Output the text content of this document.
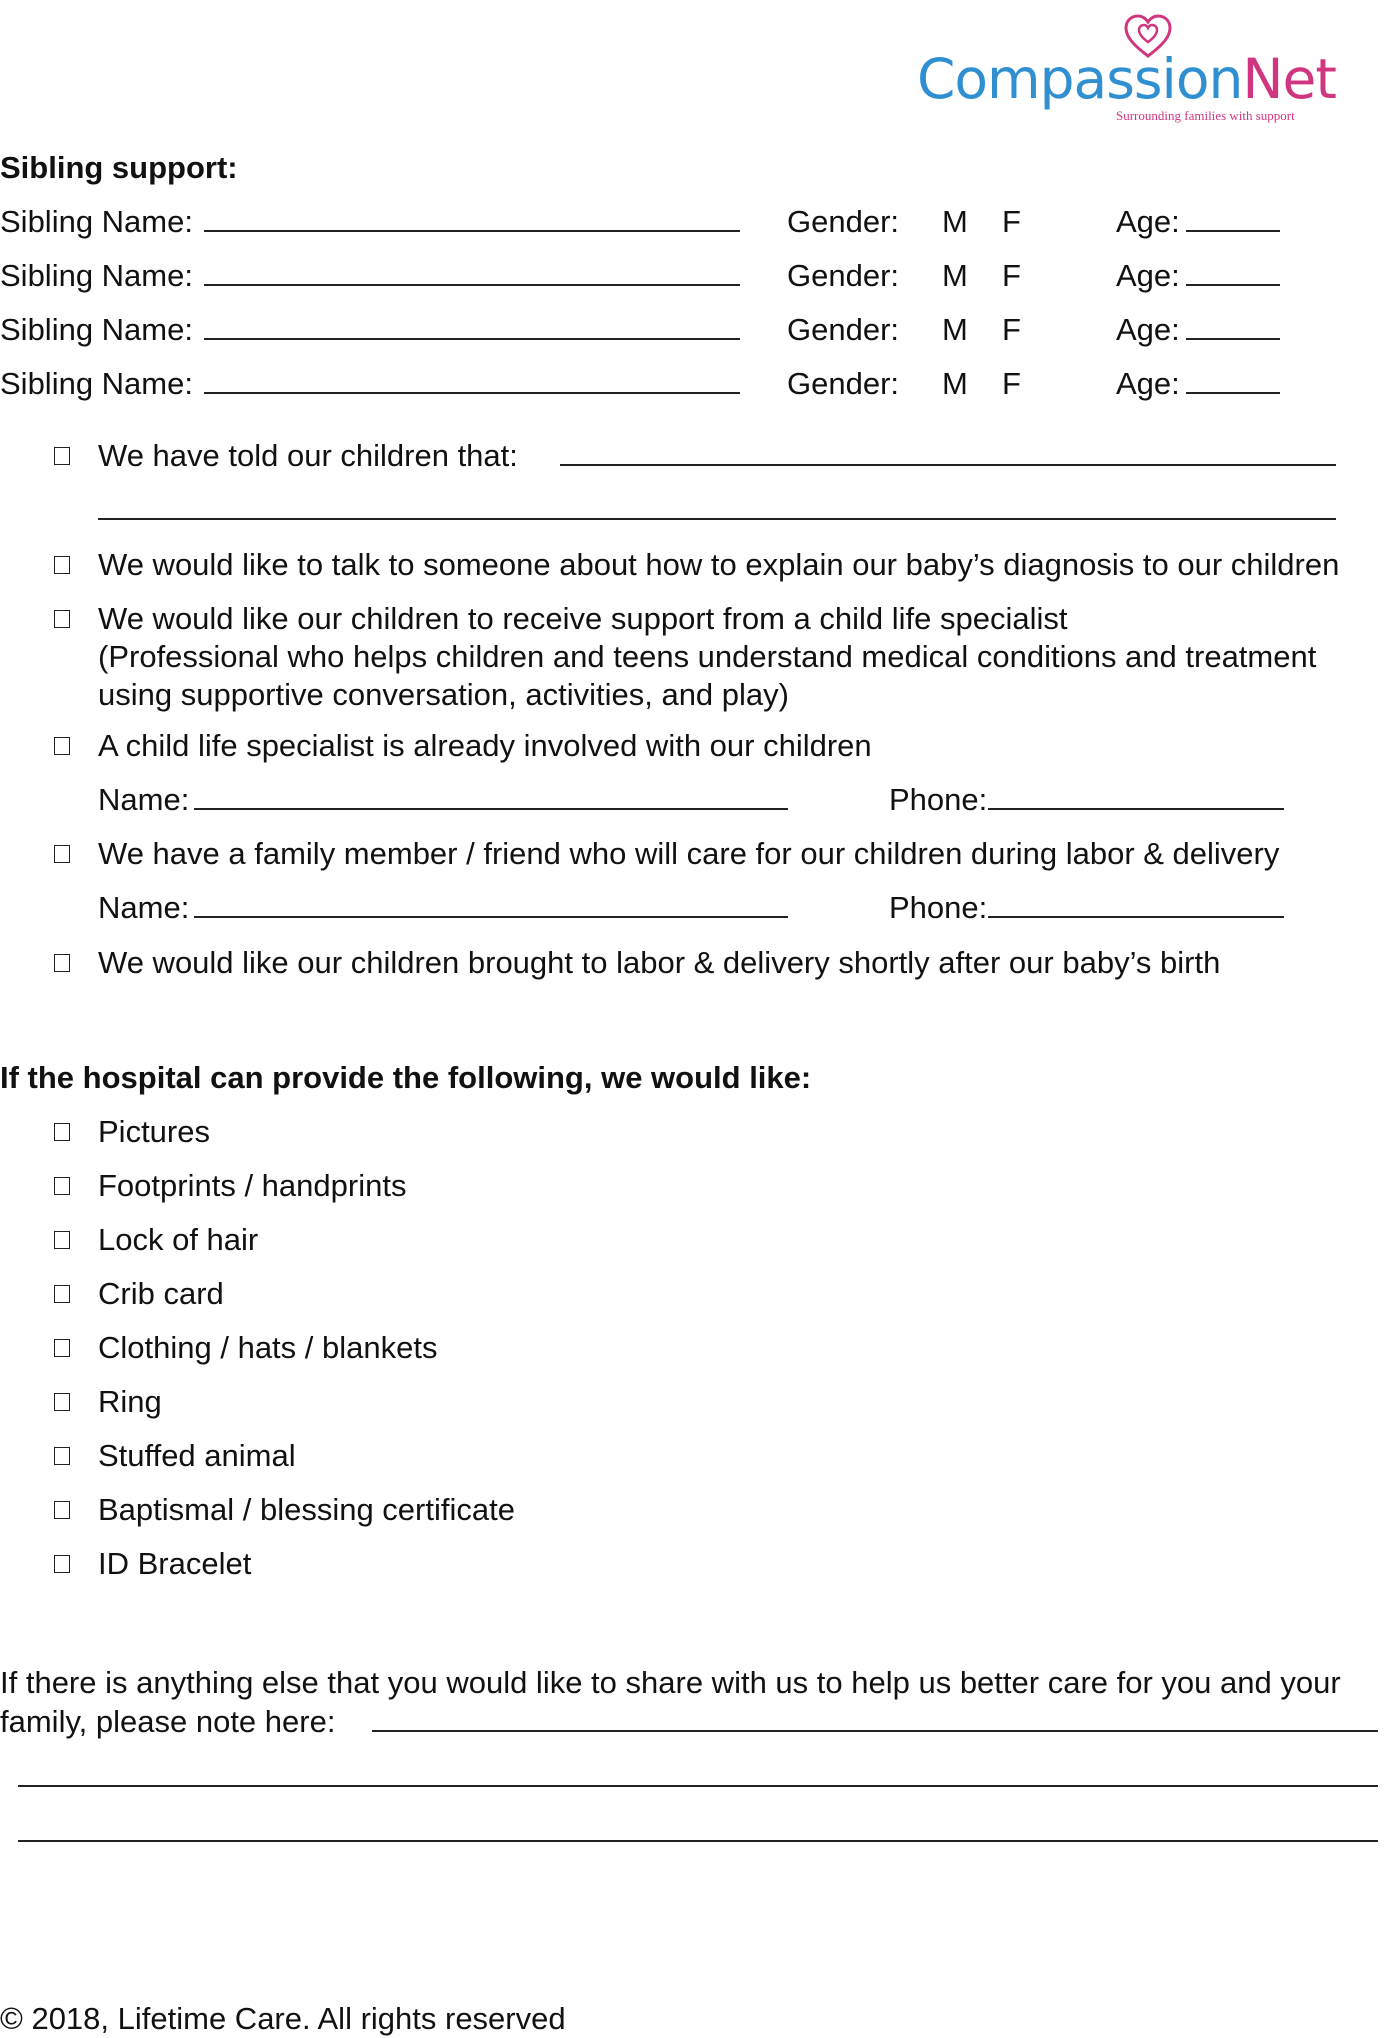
CompassionNet
Surrounding families with support
Sibling support:
Sibling Name:	Gender: M F	Age:
Sibling Name:	Gender: M F	Age:
Sibling Name:	Gender: M F	Age:
Sibling Name:	Gender: M F	Age:
We have told our children that:
We would like to talk to someone about how to explain our baby’s diagnosis to our children
We would like our children to receive support from a child life specialist
(Professional who helps children and teens understand medical conditions and treatment
using supportive conversation, activities, and play)
A child life specialist is already involved with our children
Name:	Phone:
We have a family member / friend who will care for our children during labor & delivery
Name:	Phone:
We would like our children brought to labor & delivery shortly after our baby’s birth
If the hospital can provide the following, we would like:
Pictures
Footprints / handprints
Lock of hair
Crib card
Clothing / hats / blankets
Ring
Stuffed animal
Baptismal / blessing certificate
ID Bracelet
If there is anything else that you would like to share with us to help us better care for you and your
family, please note here:
© 2018, Lifetime Care. All rights reserved
